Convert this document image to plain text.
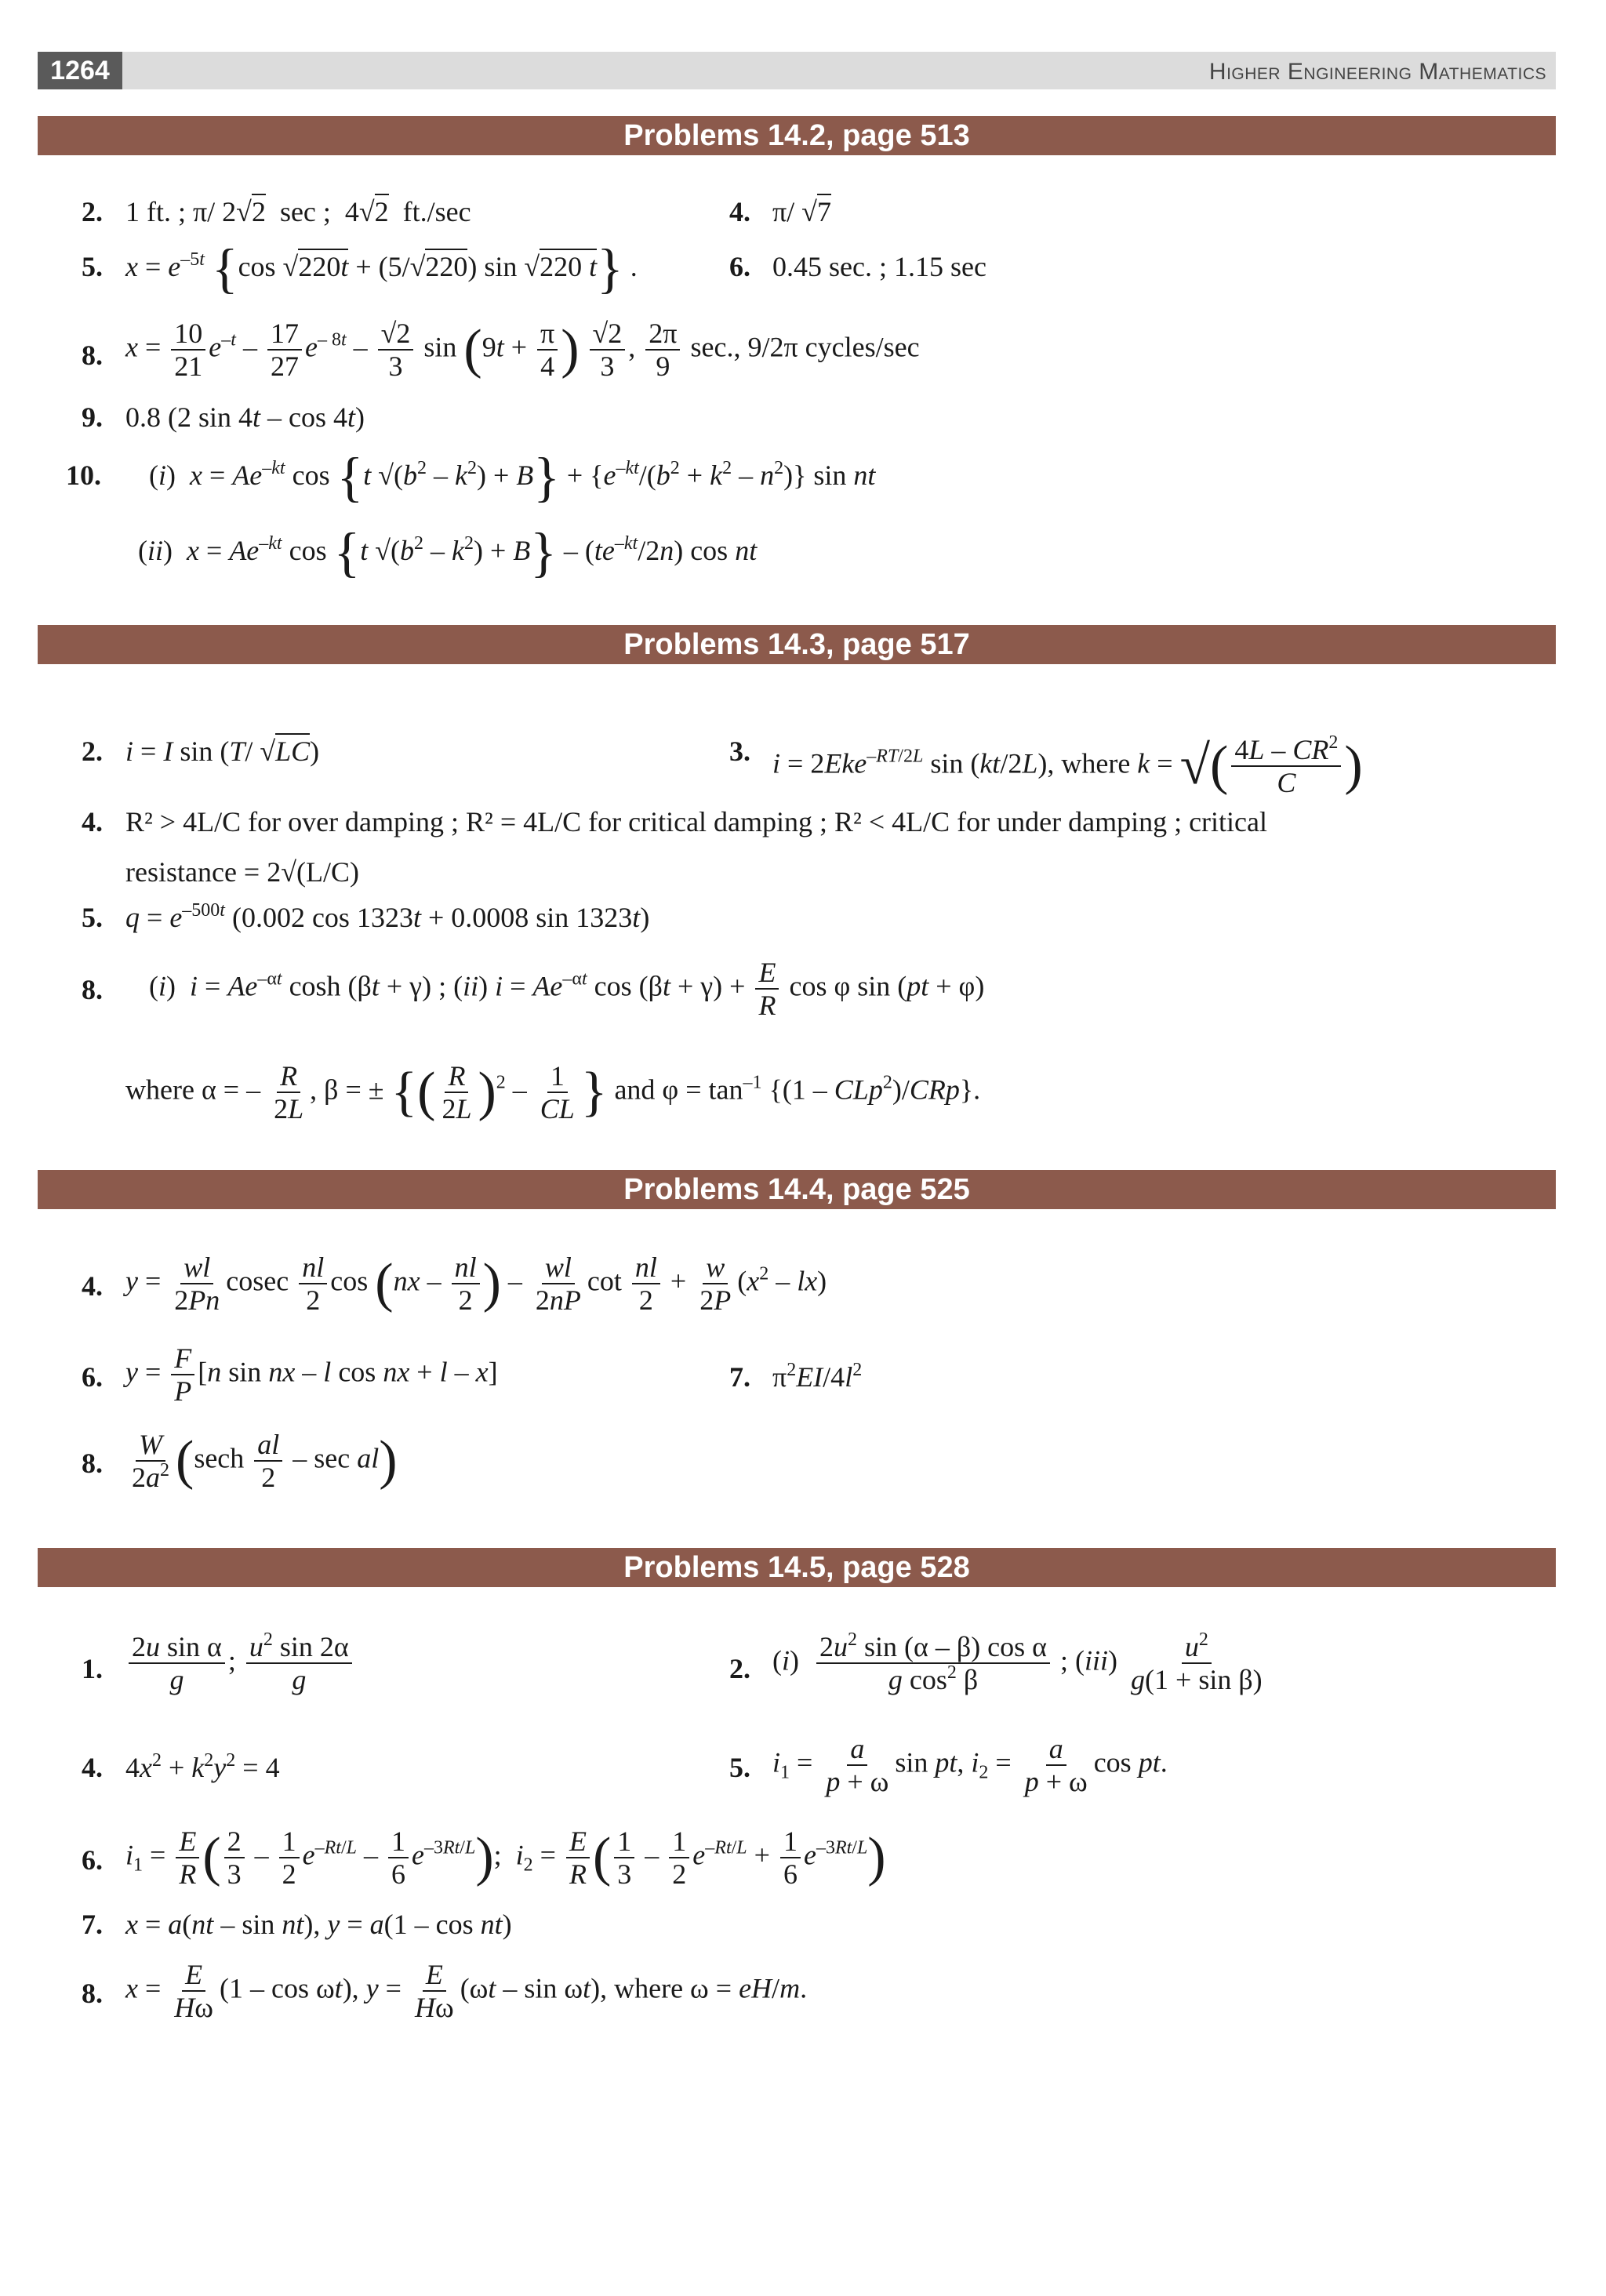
1264	Higher Engineering Mathematics
Problems 14.2, page 513
2. 1 ft. ; π/ 2√2  sec ;  4√2  ft./sec	4. π/ √7
5. $x = e^{-5t}$ {cos √220t + (5/√220) sin √220 t} .	6. 0.45 sec. ; 1.15 sec
8. $x = \frac{10}{21} e^{-t} - \frac{17}{27} e^{- 8t} - \frac{√2}{3}$ $\sin (9t + \frac{\pi}{4}$ ) $\frac{√2}{3}$ , $\frac{2\pi}{9} \sec$., 9/2π cycles/sec
9. 0.8 (2 sin 4t – cos 4t)
10. (i)  $x = Ae^{-kt}$ cos {t $√(b^2 - k^2) + B\} + \{e^{-kt}/(b^2 + k^2 - n^2)\}$ sin nt
(ii)  $x = Ae^{-kt}$ cos {t $√(b^2 - k^2) + B\} - (te^{-kt}/2n)$ cos nt
Problems 14.3, page 517
2. i = I sin (T/ √LC)	3. i = 2Eke$^{-RT/2L}$ sin (kt/2L), where k = √( $\frac{4L - CR^2}{C}$ )
4. R² > 4L/C for over damping ; R² = 4L/C for critical damping ; R² < 4L/C for under damping ; critical
resistance = 2√(L/C)
5. $q = e^{-500t}$ (0.002 cos 1323t + 0.0008 sin 1323t)
8. (i)  $i = Ae^{-\alpha t}$ cosh (βt + γ) ; (ii) $i = Ae^{-\alpha t}$ $\cos (\beta t + \gamma) + \frac{E}{R}$ cos φ sin (pt + φ)
where α = – $\frac{R}{2L}$ , β = ± {( $\frac{R}{2L} )^2 - \frac{1}{CL}$ } and $\varphi = \tan^{-1} \{(1 - CLp^2)/CRp\}$.
Problems 14.4, page 525
4. $y = \frac{wl}{2Pn}$ cosec $\frac{nl}{2}$ $\cos (nx - \frac{nl}{2}$ ) – $\frac{wl}{2nP}$ $\cot \frac{nl}{2} + \frac{w}{2P} (x^2 - lx)$
6. $y = \frac{F}{P} [n$ sin nx – l cos nx + l – x]	7. $\pi^2EI/4l^2$
8. $\frac{W}{2a^2} (\sec h \frac{al}{2}$ – sec al)
Problems 14.5, page 528
1. $\frac{\text{2u sin α}}{g}$ ; $\frac{u^2 \sin 2\alpha}{g}$	2. $(i) \frac{2u^2 \sin (\alpha - \beta) \cos \alpha}{g \cos^2 \beta}$ ; $(iii) \frac{u^2}{\text{g(1 + sin β)}}$
4. $4x^2 + k^2y^2 = 4$	5. $i_1 = \frac{a}{p + \omega}$ sin pt, $i_2 = \frac{a}{p + \omega}$ cos pt.
6. $i_1 = \frac{E}{R}$ ( $\frac{2}{3} - \frac{1}{2} e^{-Rt/L} - \frac{1}{6} e^{-3Rt/L}$);  $i_2 = \frac{E}{R}$ ( $\frac{1}{3} - \frac{1}{2} e^{-Rt/L} + \frac{1}{6} e^{-3Rt/L}$)
7. x = a(nt – sin nt), y = a(1 – cos nt)
8. $x = \frac{E}{H\omega} (1 - \cos \omega t)$, $y = \frac{E}{H\omega} (\omega t - \sin \omega t)$, where ω = eH/m.
